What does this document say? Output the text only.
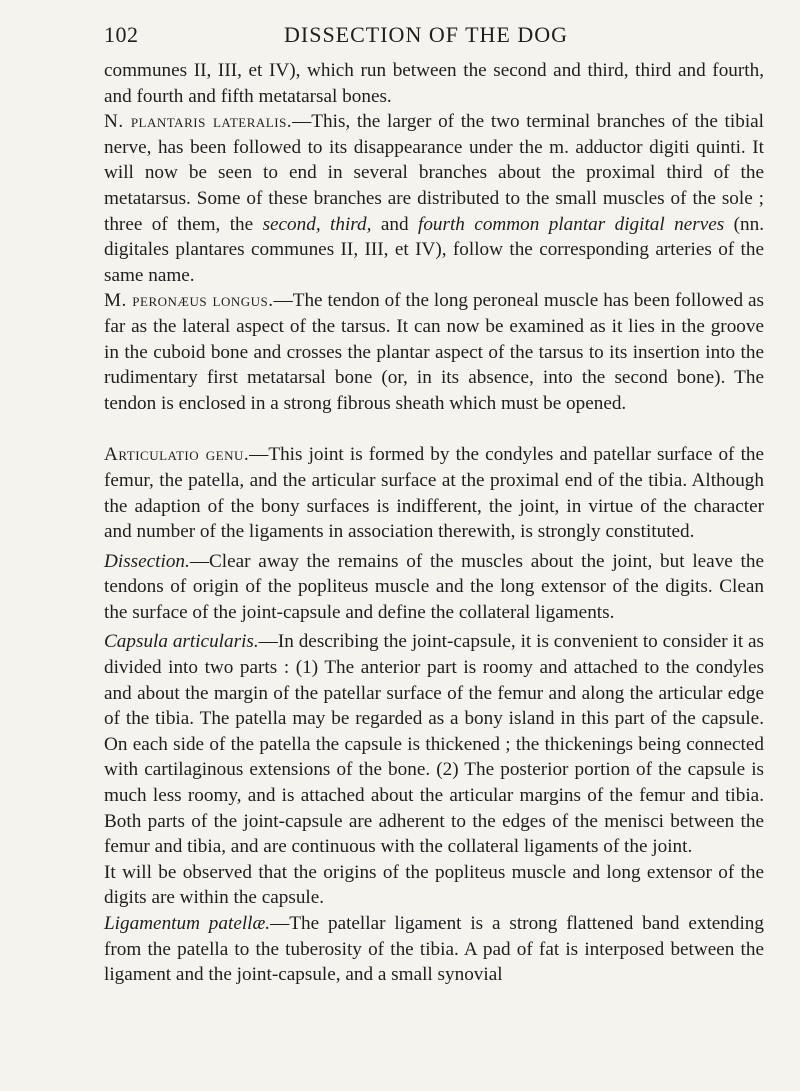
102	DISSECTION OF THE DOG

communes II, III, et IV), which run between the second and third, third and fourth, and fourth and fifth metatarsal bones.

N. plantaris lateralis.—This, the larger of the two terminal branches of the tibial nerve, has been followed to its disappearance under the m. adductor digiti quinti. It will now be seen to end in several branches about the proximal third of the metatarsus. Some of these branches are distributed to the small muscles of the sole ; three of them, the second, third, and fourth common plantar digital nerves (nn. digitales plantares communes II, III, et IV), follow the corresponding arteries of the same name.

M. peronæus longus.—The tendon of the long peroneal muscle has been followed as far as the lateral aspect of the tarsus. It can now be examined as it lies in the groove in the cuboid bone and crosses the plantar aspect of the tarsus to its insertion into the rudimentary first metatarsal bone (or, in its absence, into the second bone). The tendon is enclosed in a strong fibrous sheath which must be opened.

Articulatio genu.—This joint is formed by the condyles and patellar surface of the femur, the patella, and the articular surface at the proximal end of the tibia. Although the adaption of the bony surfaces is indifferent, the joint, in virtue of the character and number of the ligaments in association therewith, is strongly constituted.

Dissection.—Clear away the remains of the muscles about the joint, but leave the tendons of origin of the popliteus muscle and the long extensor of the digits. Clean the surface of the joint-capsule and define the collateral ligaments.

Capsula articularis.—In describing the joint-capsule, it is convenient to consider it as divided into two parts : (1) The anterior part is roomy and attached to the condyles and about the margin of the patellar surface of the femur and along the articular edge of the tibia. The patella may be regarded as a bony island in this part of the capsule. On each side of the patella the capsule is thickened ; the thickenings being connected with cartilaginous extensions of the bone. (2) The posterior portion of the capsule is much less roomy, and is attached about the articular margins of the femur and tibia. Both parts of the joint-capsule are adherent to the edges of the menisci between the femur and tibia, and are continuous with the collateral ligaments of the joint.

It will be observed that the origins of the popliteus muscle and long extensor of the digits are within the capsule.

Ligamentum patellæ.—The patellar ligament is a strong flattened band extending from the patella to the tuberosity of the tibia. A pad of fat is interposed between the ligament and the joint-capsule, and a small synovial
